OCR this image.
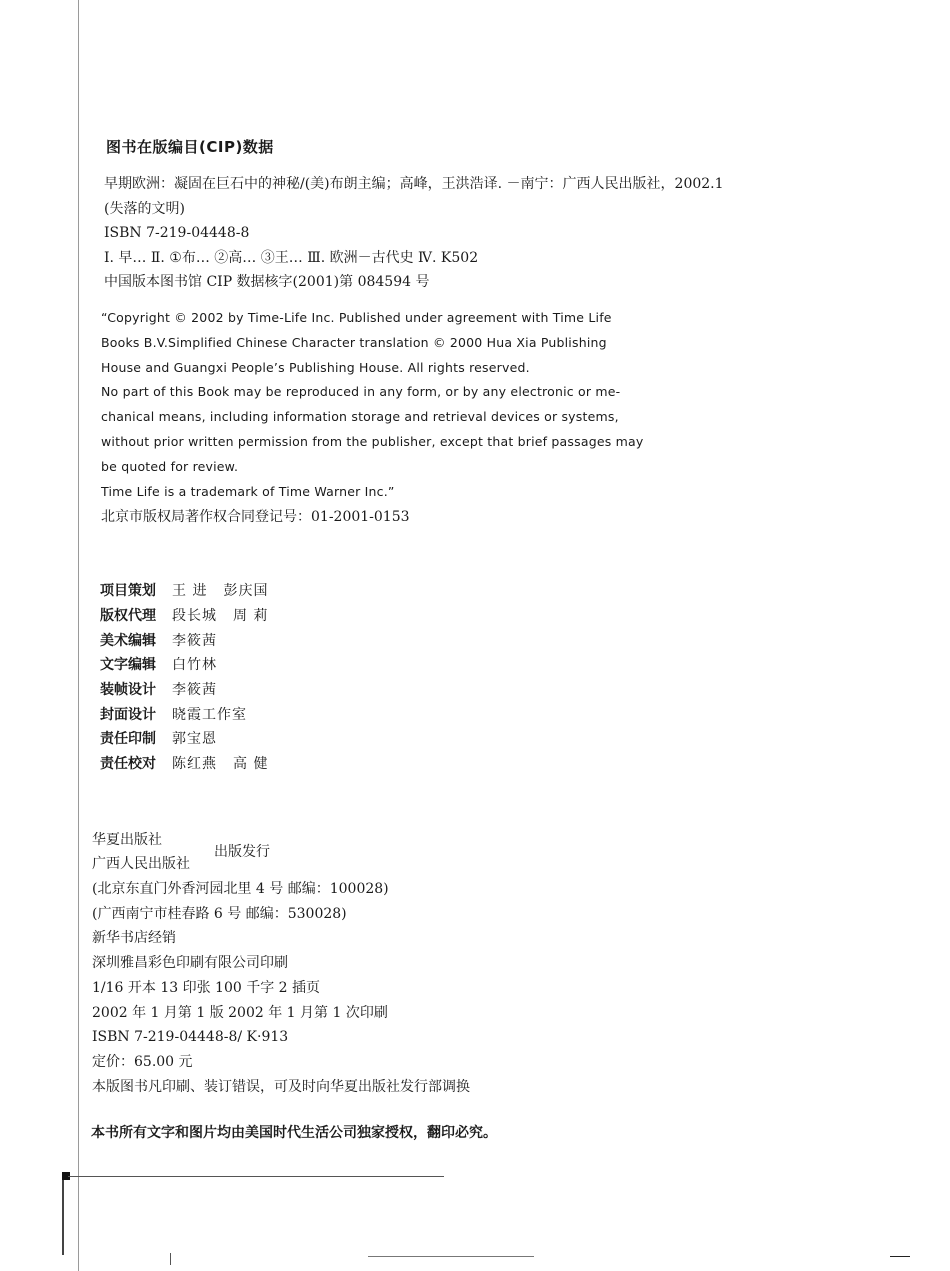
图书在版编目(CIP)数据
早期欧洲：凝固在巨石中的神秘/(美)布朗主编；高峰，王洪浩译. －南宁：广西人民出版社，2002.1
(失落的文明)
ISBN 7-219-04448-8
Ⅰ. 早… Ⅱ. ①布… ②高… ③王… Ⅲ. 欧洲－古代史 Ⅳ. K502
中国版本图书馆 CIP 数据核字(2001)第 084594 号
“Copyright © 2002 by Time-Life Inc. Published under agreement with Time Life
Books B.V.Simplified Chinese Character translation © 2000 Hua Xia Publishing
House and Guangxi People’s Publishing House. All rights reserved.
No part of this Book may be reproduced in any form, or by any electronic or me-
chanical means, including information storage and retrieval devices or systems,
without prior written permission from the publisher, except that brief passages may
be quoted for review.
Time Life is a trademark of Time Warner Inc.”
北京市版权局著作权合同登记号：01-2001-0153
项目策划 王 进 彭庆国
版权代理 段长城 周 莉
美术编辑 李筱茜
文字编辑 白竹林
装帧设计 李筱茜
封面设计 晓霞工作室
责任印制 郭宝恩
责任校对 陈红燕 高 健
华夏出版社
广西人民出版社
出版发行
(北京东直门外香河园北里 4 号 邮编：100028)
(广西南宁市桂春路 6 号 邮编：530028)
新华书店经销
深圳雅昌彩色印刷有限公司印刷
1/16 开本 13 印张 100 千字 2 插页
2002 年 1 月第 1 版 2002 年 1 月第 1 次印刷
ISBN 7-219-04448-8/ K·913
定价：65.00 元
本版图书凡印刷、装订错误，可及时向华夏出版社发行部调换
本书所有文字和图片均由美国时代生活公司独家授权，翻印必究。
